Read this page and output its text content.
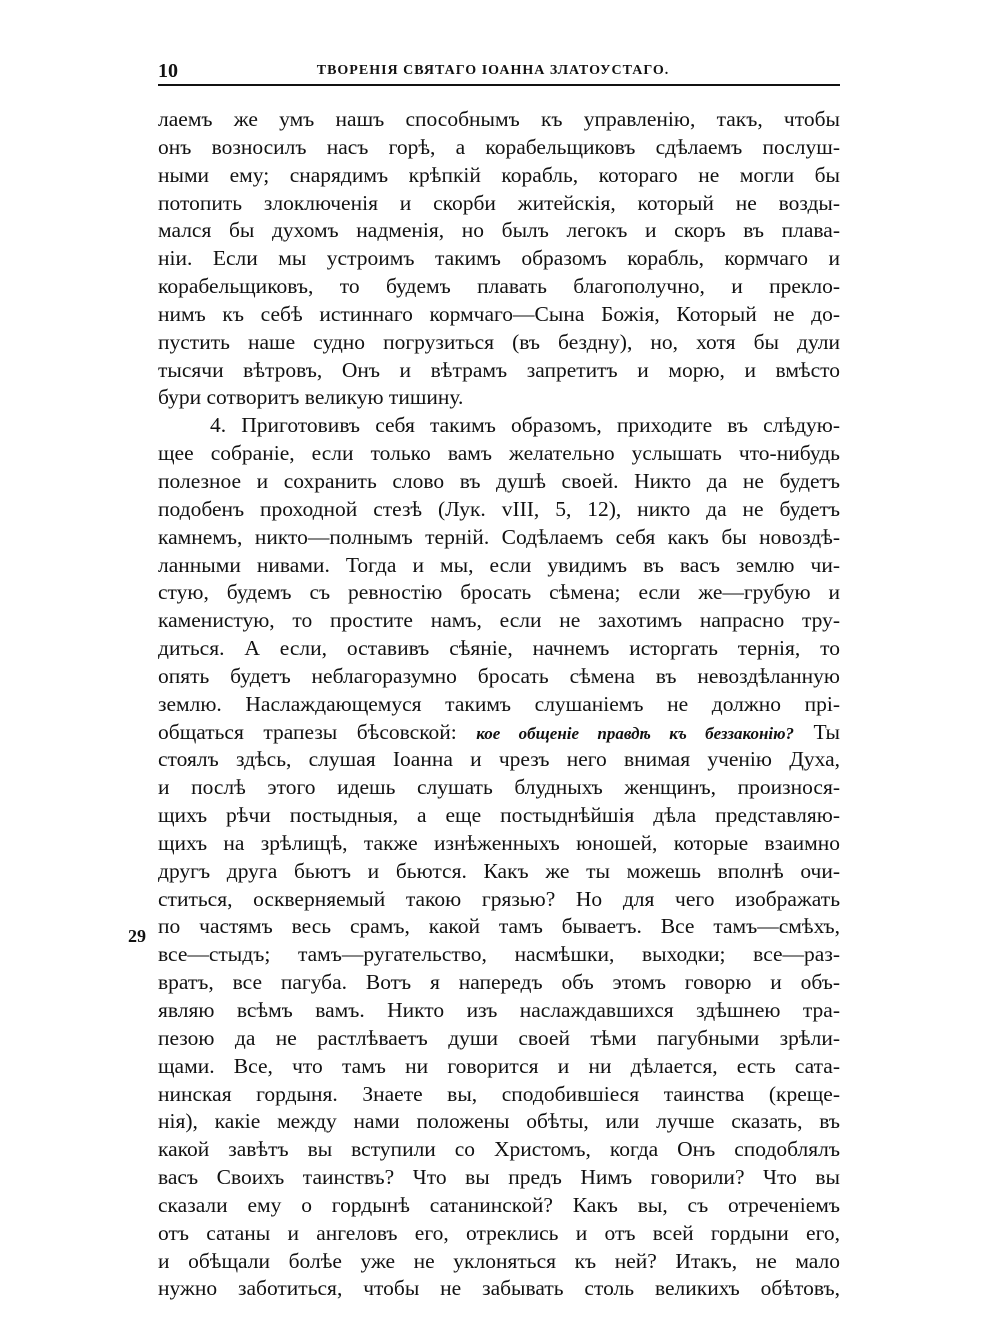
10	ТВОРЕНІЯ СВЯТАГО ІОАННА ЗЛАТОУСТАГО.
29
лаемъ же умъ нашъ способнымъ къ управленію, такъ, чтобы
онъ возносилъ насъ горѣ, а корабельщиковъ сдѣлаемъ послуш-
ными ему; снарядимъ крѣпкій корабль, котораго не могли бы
потопить злоключенія и скорби житейскія, который не возды-
мался бы духомъ надменія, но былъ легокъ и скоръ въ плава-
ніи. Если мы устроимъ такимъ образомъ корабль, кормчаго и
корабельщиковъ, то будемъ плавать благополучно, и преклo-
нимъ къ себѣ истиннаго кормчаго—Сына Божія, Который не до-
пустить наше судно погрузиться (въ бездну), но, хотя бы дули
тысячи вѣтровъ, Онъ и вѣтрамъ запретитъ и морю, и вмѣсто
бури сотворитъ великую тишину.
4. Приготовивъ себя такимъ образомъ, приходите въ слѣдую-
щее собраніе, если только вамъ желательно услышать что-нибудь
полезное и сохранить слово въ душѣ своей. Никто да не будетъ
подобенъ проходной стезѣ (Лук. vIII, 5, 12), никто да не будетъ
камнемъ, никто—полнымъ терній. Содѣлаемъ себя какъ бы новоздѣ-
ланными нивами. Тогда и мы, если увидимъ въ васъ землю чи-
стую, будемъ съ ревностію бросать сѣмена; если же—грубую и
каменистую, то простите намъ, если не захотимъ напрасно тру-
диться. А если, оставивъ сѣяніе, начнемъ исторгать тернія, то
опять будетъ неблагоразумно бросать сѣмена въ невоздѣланную
землю. Наслаждающемуся такимъ слушаніемъ не должно прі-
общаться трапезы бѣсовской: кое общеніе правдѣ къ беззаконію? Ты
стоялъ здѣсь, слушая Іоанна и чрезъ него внимая ученію Духа,
и послѣ этого идешь слушать блудныхъ женщинъ, произнося-
щихъ рѣчи постыдныя, а еще постыднѣйшія дѣла представляю-
щихъ на зрѣлищѣ, также изнѣженныхъ юношей, которые взаимно
другъ друга бьютъ и бьются. Какъ же ты можешь вполнѣ очи-
ститься, оскверняемый такою грязью? Но для чего изображать
по частямъ весь срамъ, какой тамъ бываетъ. Все тамъ—смѣхъ,
все—стыдъ; тамъ—ругательство, насмѣшки, выходки; все—раз-
вратъ, все пагуба. Вотъ я напередъ объ этомъ говорю и объ-
являю всѣмъ вамъ. Никто изъ наслаждавшихся здѣшнею тра-
пезою да не растлѣваетъ души своей тѣми пагубными зрѣли-
щами. Все, что тамъ ни говорится и ни дѣлается, есть сата-
нинская гордыня. Знаете вы, сподобившіеся таинства (креще-
нія), какіе между нами положены обѣты, или лучше сказать, въ
какой завѣтъ вы вступили со Христомъ, когда Онъ сподоблялъ
васъ Своихъ таинствъ? Что вы предъ Нимъ говорили? Что вы
сказали ему о гордынѣ сатанинской? Какъ вы, съ отреченіемъ
отъ сатаны и ангеловъ его, отреклись и отъ всей гордыни его,
и обѣщали болѣе уже не уклоняться къ ней? Итакъ, не мало
нужно заботиться, чтобы не забывать столь великихъ обѣтовъ,
